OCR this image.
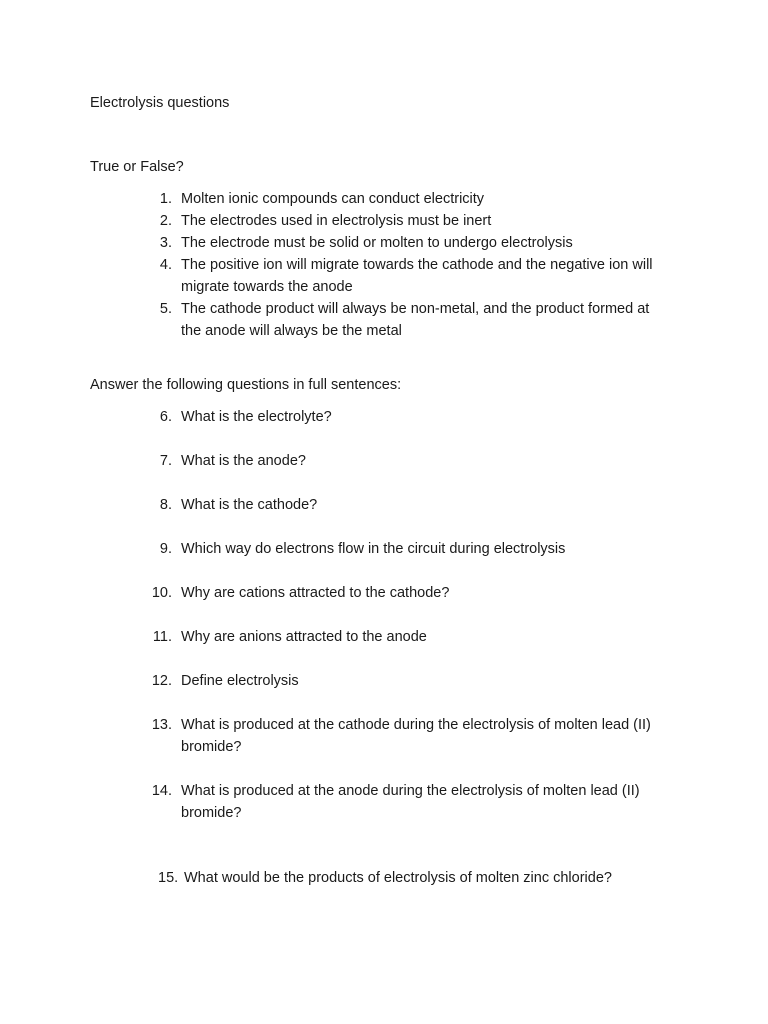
Electrolysis questions
True or False?
1. Molten ionic compounds can conduct electricity
2. The electrodes used in electrolysis must be inert
3. The electrode must be solid or molten to undergo electrolysis
4. The positive ion will migrate towards the cathode and the negative ion will migrate towards the anode
5. The cathode product will always be non-metal, and the product formed at the anode will always be the metal
Answer the following questions in full sentences:
6. What is the electrolyte?
7. What is the anode?
8. What is the cathode?
9. Which way do electrons flow in the circuit during electrolysis
10. Why are cations attracted to the cathode?
11. Why are anions attracted to the anode
12. Define electrolysis
13. What is produced at the cathode during the electrolysis of molten lead (II) bromide?
14. What is produced at the anode during the electrolysis of molten lead (II) bromide?
15. What would be the products of electrolysis of molten zinc chloride?
